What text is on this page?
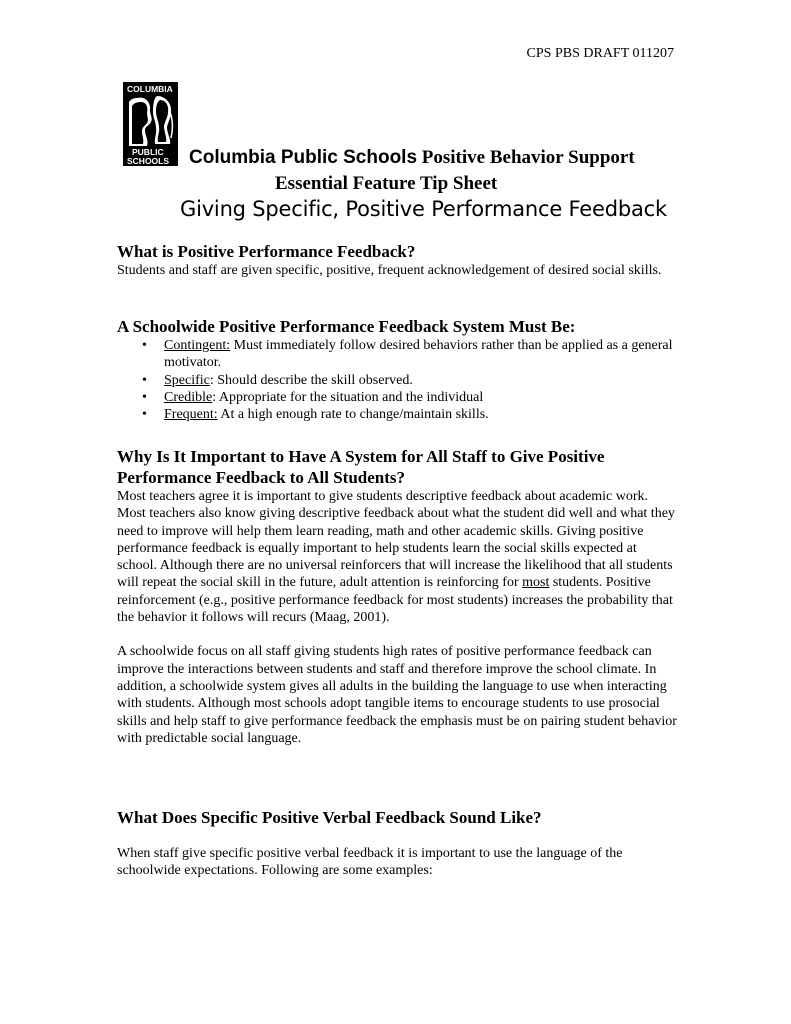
CPS PBS DRAFT 011207
COLUMBIA
PUBLIC
SCHOOLS Columbia Public Schools Positive Behavior Support
Essential Feature Tip Sheet
Giving Specific, Positive Performance Feedback
What is Positive Performance Feedback?

Students and staff are given specific, positive, frequent acknowledgement of desired social skills.

A Schoolwide Positive Performance Feedback System Must Be:
• Contingent: Must immediately follow desired behaviors rather than be applied as a general motivator.
• Specific: Should describe the skill observed.
• Credible: Appropriate for the situation and the individual
• Frequent: At a high enough rate to change/maintain skills.
Why Is It Important to Have A System for All Staff to Give Positive Performance Feedback to All Students?

Most teachers agree it is important to give students descriptive feedback about academic work. Most teachers also know giving descriptive feedback about what the student did well and what they need to improve will help them learn reading, math and other academic skills. Giving positive performance feedback is equally important to help students learn the social skills expected at school. Although there are no universal reinforcers that will increase the likelihood that all students will repeat the social skill in the future, adult attention is reinforcing for most students. Positive reinforcement (e.g., positive performance feedback for most students) increases the probability that the behavior it follows will recurs (Maag, 2001).

A schoolwide focus on all staff giving students high rates of positive performance feedback can improve the interactions between students and staff and therefore improve the school climate. In addition, a schoolwide system gives all adults in the building the language to use when interacting with students. Although most schools adopt tangible items to encourage students to use prosocial skills and help staff to give performance feedback the emphasis must be on pairing student behavior with predictable social language.

What Does Specific Positive Verbal Feedback Sound Like?

When staff give specific positive verbal feedback it is important to use the language of the schoolwide expectations. Following are some examples:
